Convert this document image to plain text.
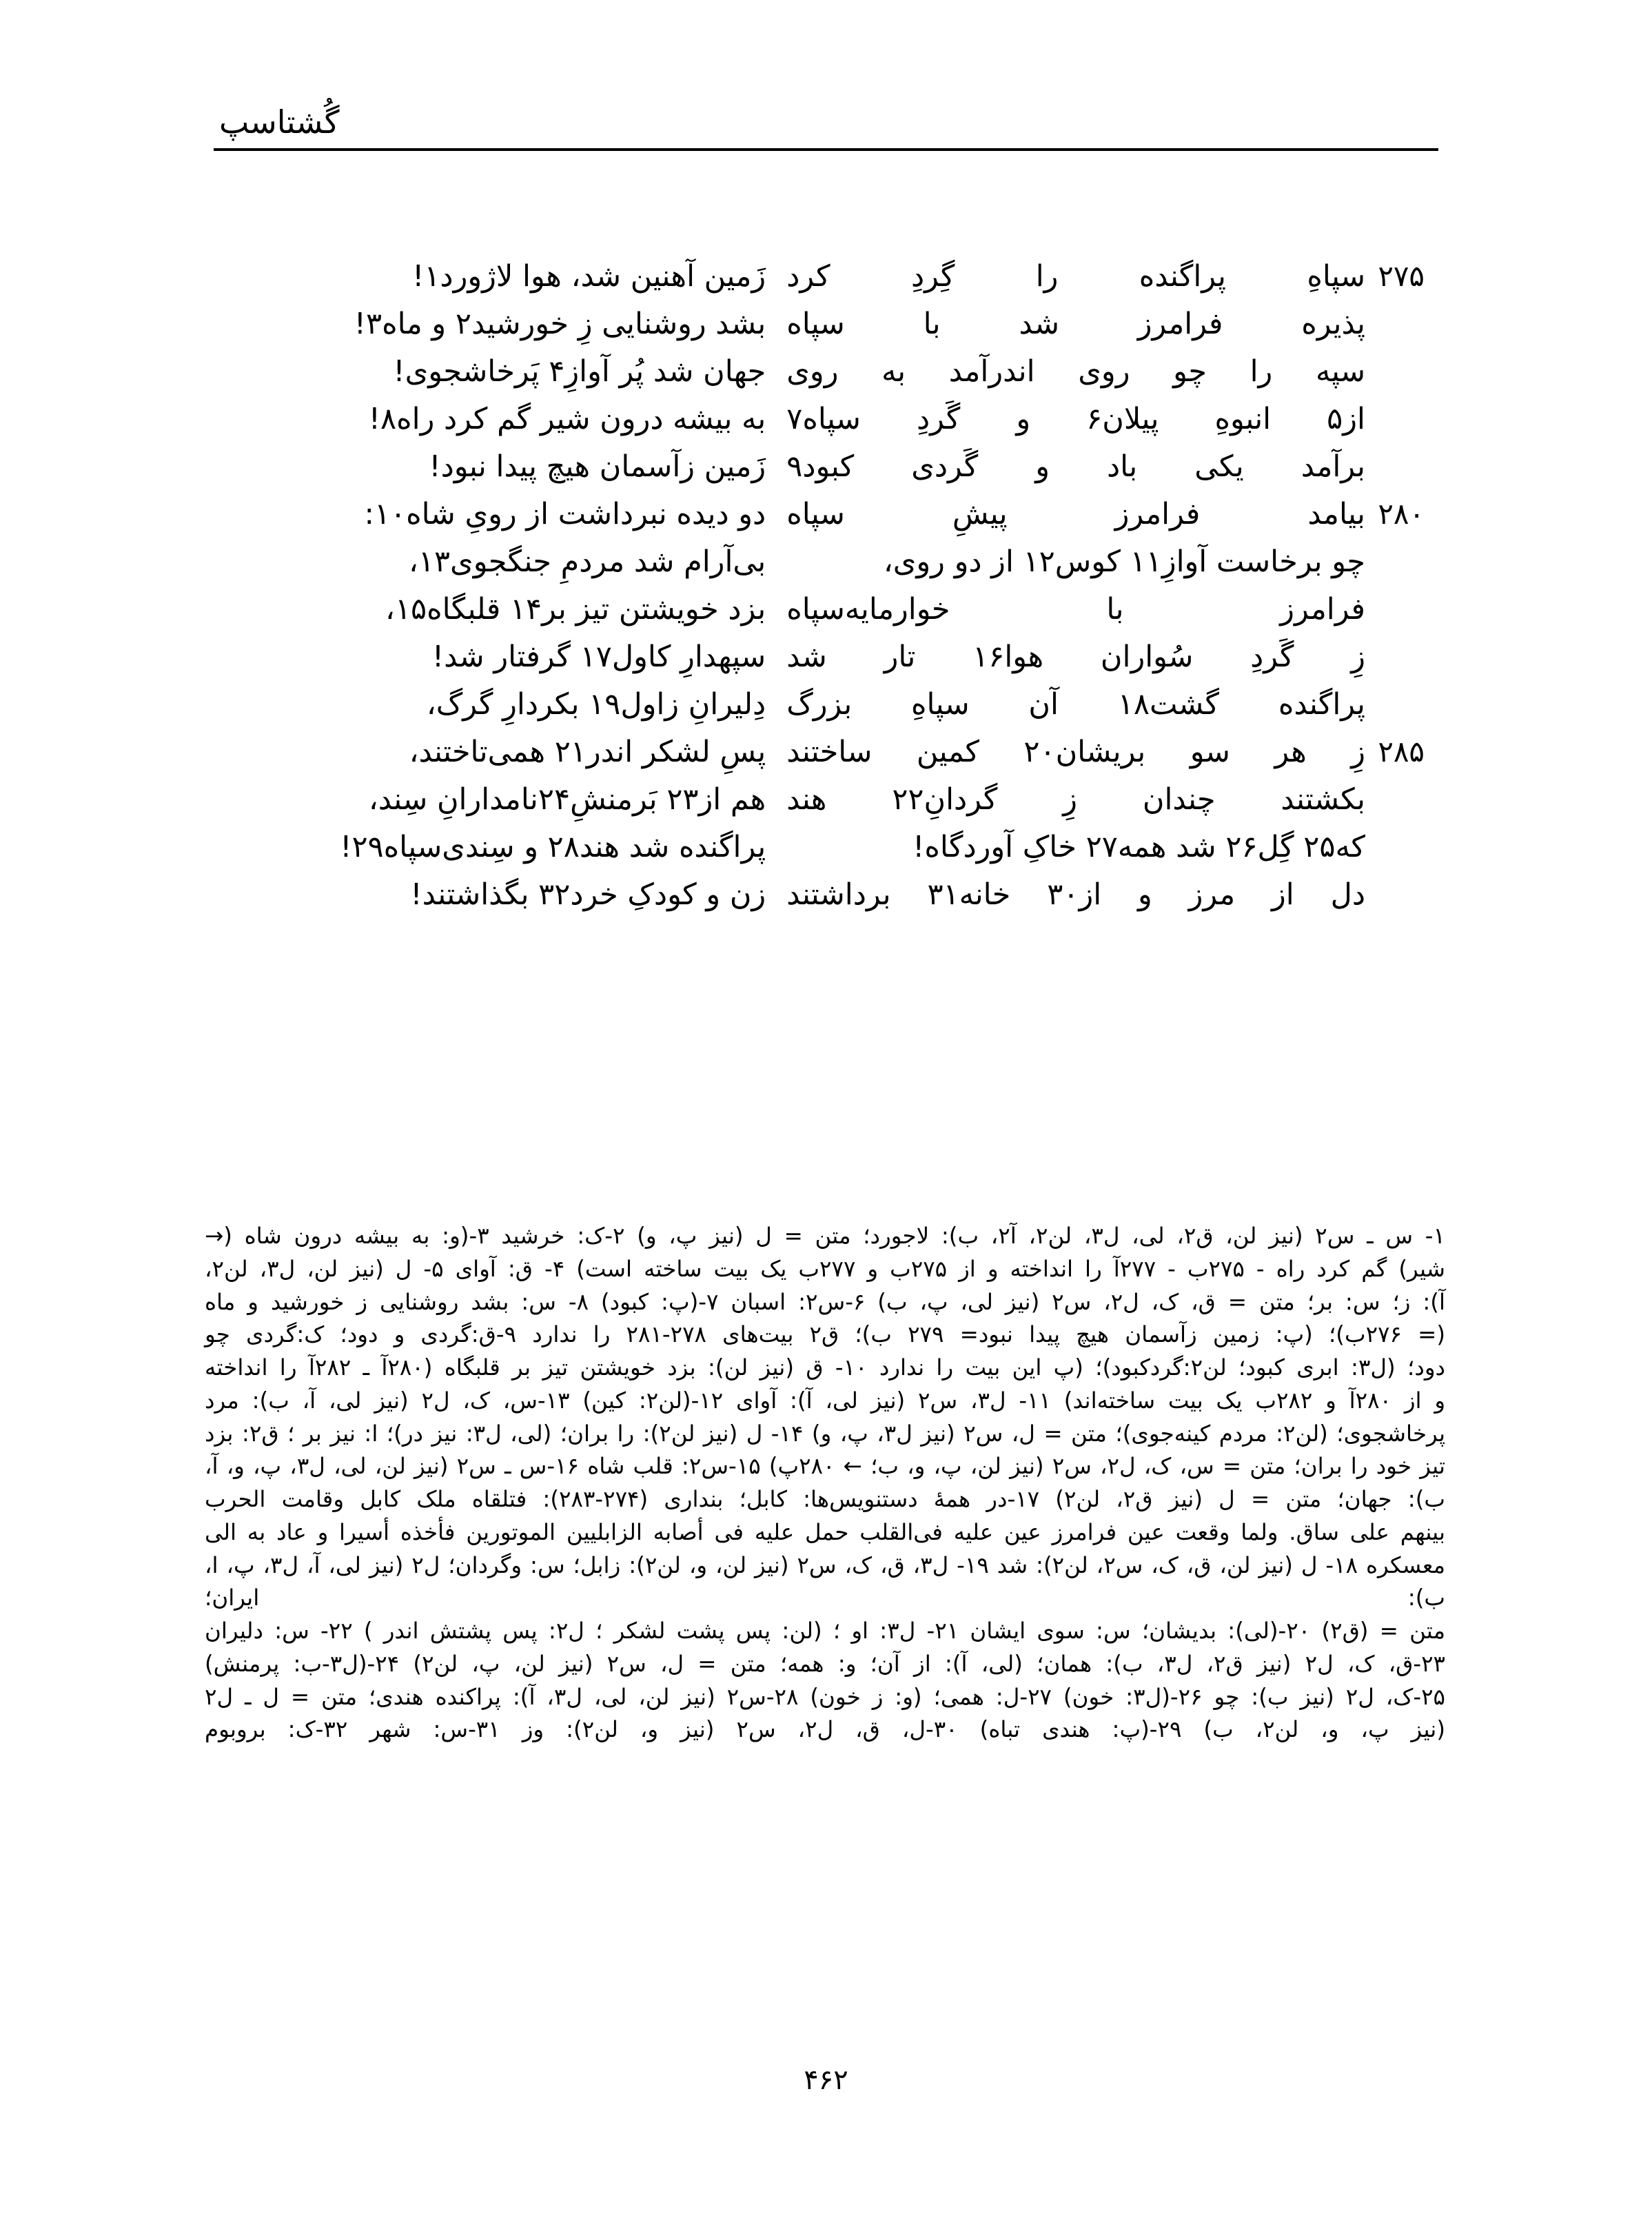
گُشتاسپ
۲۷۵
سپاهِ
پراگنده
را
گِردِ
کرد
زَمین آهنین شد، هوا لاژورد۱!
پذیره
فرامرز
شد
با
سپاه
بشد روشنایی زِ خورشید۲ و ماه۳!
سپه
را
چو
روی
اندرآمد
به
روی
جهان شد پُر آوازِ۴ پَرخاشجوی!
از۵
انبوهِ
پیلان۶
و
گَردِ
سپاه۷
به بیشه درون شیر گم کرد راه۸!
برآمد
یکی
باد
و
گَردی
کبود۹
زَمین زآسمان هیچ پیدا نبود!
۲۸۰
بیامد
فرامرز
پیشِ
سپاه
دو دیده نبرداشت از رویِ شاه۱۰:
چو برخاست آوازِ۱۱ کوس۱۲ از دو روی،
بی‌آرام شد مردمِ جنگجوی۱۳،
فرامرز
با
خوارمایه‌سپاه
بزد خویشتن تیز بر۱۴ قلبگاه۱۵،
زِ
گَردِ
سُواران
هوا۱۶
تار
شد
سپهدارِ کاول۱۷ گرفتار شد!
پراگنده
گشت۱۸
آن
سپاهِ
بزرگ
دِلیرانِ زاول۱۹ بکردارِ گرگ،
۲۸۵
زِ
هر
سو
بریشان۲۰
کمین
ساختند
پسِ لشکر اندر۲۱ همی‌تاختند،
بکشتند
چندان
زِ
گردانِ۲۲
هند
هم از۲۳ بَرمنشِ۲۴نامدارانِ سِند،
که۲۵ گِل۲۶ شد همه۲۷ خاکِ آوردگاه!
پراگنده شد هند۲۸ و سِندی‌سپاه۲۹!
دل
از
مرز
و
از۳۰
خانه۳۱
برداشتند
زن و کودکِ خرد۳۲ بگذاشتند!

۱- س ـ س۲ (نیز لن، ق۲، لی، ل۳، لن۲، آ۲، ب): لاجورد؛ متن = ل (نیز پ، و) ۲-ک: خرشید ۳-(و: به بیشه درون شاه (→

شیر) گم کرد راه - ۲۷۵ب - ۲۷۷آ را انداخته و از ۲۷۵ب و ۲۷۷ب یک بیت ساخته است) ۴- ق: آوای ۵- ل (نیز لن، ل۳، لن۲،

آ): ز؛ س: بر؛ متن = ق، ک، ل۲، س۲ (نیز لی، پ، ب) ۶-س۲: اسبان ۷-(پ: کبود) ۸- س: بشد روشنایی ز خورشید و ماه

(= ۲۷۶ب)؛ (پ: زمین زآسمان هیچ پیدا نبود= ۲۷۹ ب)؛ ق۲ بیت‌های ۲۷۸-۲۸۱ را ندارد ۹-ق:گردی و دود؛ ک:گردی چو

دود؛ (ل۳: ابری کبود؛ لن۲:گردکبود)؛ (پ این بیت را ندارد ۱۰- ق (نیز لن): بزد خویشتن تیز بر قلبگاه (۲۸۰آ ـ ۲۸۲آ را انداخته

و از ۲۸۰آ و ۲۸۲ب یک بیت ساخته‌اند) ۱۱- ل۳، س۲ (نیز لی، آ): آوای ۱۲-(لن۲: کین) ۱۳-س، ک، ل۲ (نیز لی، آ، ب): مرد

پرخاشجوی؛ (لن۲: مردم کینه‌جوی)؛ متن = ل، س۲ (نیز ل۳، پ، و) ۱۴- ل (نیز لن۲): را بران؛ (لی، ل۳: نیز در)؛ ا: نیز بر ؛ ق۲: بزد

تیز خود را بران؛ متن = س، ک، ل۲، س۲ (نیز لن، پ، و، ب؛ ← ۲۸۰پ) ۱۵-س۲: قلب شاه ۱۶-س ـ س۲ (نیز لن، لی، ل۳، پ، و، آ،

ب): جهان؛ متن = ل (نیز ق۲، لن۲) ۱۷-در همهٔ دستنویس‌ها: کابل؛ بنداری (۲۷۴-۲۸۳): فتلقاه ملک کابل وقامت الحرب

بینهم علی ساق. ولما وقعت عین فرامرز عین علیه فی‌القلب حمل علیه فی أصابه الزابلیین الموتورین فأخذه أسیرا و عاد به الی

معسکره ۱۸- ل (نیز لن، ق، ک، س۲، لن۲): شد ۱۹- ل۳، ق، ک، س۲ (نیز لن، و، لن۲): زابل؛ س: وگردان؛ ل۲ (نیز لی، آ، ل۳، پ، ا، ب): ایران؛

متن = (ق۲) ۲۰-(لی): بدیشان؛ س: سوی ایشان ۲۱- ل۳: او ؛ (لن: پس پشت لشکر ؛ ل۲: پس پشتش اندر ) ۲۲- س: دلیران

۲۳-ق، ک، ل۲ (نیز ق۲، ل۳، ب): همان؛ (لی، آ): از آن؛ و: همه؛ متن = ل، س۲ (نیز لن، پ، لن۲) ۲۴-(ل۳-ب: پرمنش)

۲۵-ک، ل۲ (نیز ب): چو ۲۶-(ل۳: خون) ۲۷-ل: همی؛ (و: ز خون) ۲۸-س۲ (نیز لن، لی، ل۳، آ): پراکنده هندی؛ متن = ل ـ ل۲

(نیز پ، و، لن۲، ب) ۲۹-(پ: هندی تباه) ۳۰-ل، ق، ل۲، س۲ (نیز و، لن۲): وز ۳۱-س: شهر ۳۲-ک: بروبوم

۴۶۲
